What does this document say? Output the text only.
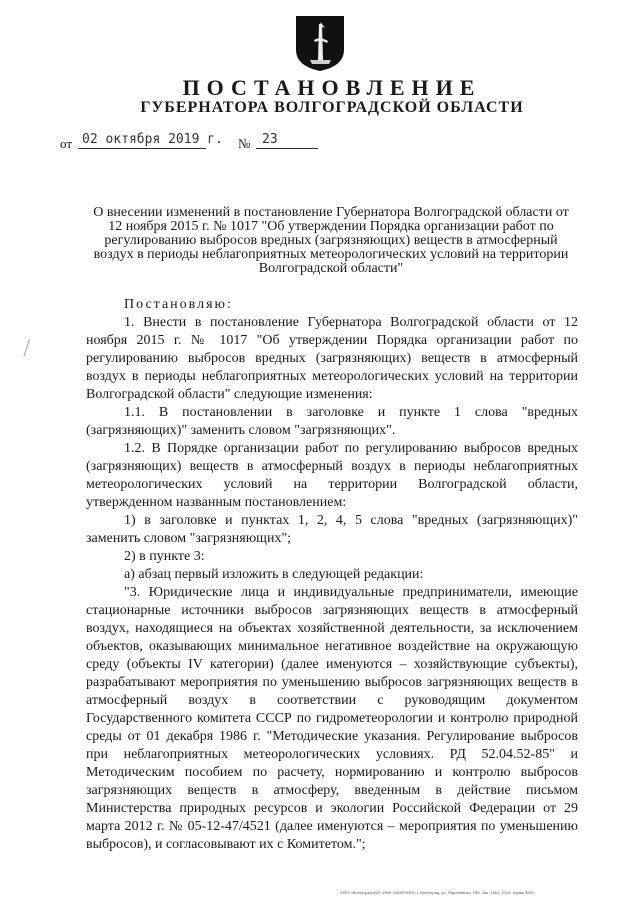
ПОСТАНОВЛЕНИЕ
ГУБЕРНАТОРА ВОЛГОГРАДСКОЙ ОБЛАСТИ
от 02 октября 2019 г. № 23
О внесении изменений в постановление Губернатора Волгоградской области от 12 ноября 2015 г. № 1017 "Об утверждении Порядка организации работ по регулированию выбросов вредных (загрязняющих) веществ в атмосферный воздух в периоды неблагоприятных метеорологических условий на территории Волгоградской области"

Постановляю:

1. Внести в постановление Губернатора Волгоградской области от 12 ноября 2015 г. № 1017 "Об утверждении Порядка организации работ по регулированию выбросов вредных (загрязняющих) веществ в атмосферный воздух в периоды неблагоприятных метеорологических условий на территории Волгоградской области" следующие изменения:

1.1. В постановлении в заголовке и пункте 1 слова "вредных (загрязняющих)" заменить словом "загрязняющих".

1.2. В Порядке организации работ по регулированию выбросов вредных (загрязняющих) веществ в атмосферный воздух в периоды неблагоприятных метеорологических условий на территории Волгоградской области, утвержденном названным постановлением:

1) в заголовке и пунктах 1, 2, 4, 5 слова "вредных (загрязняющих)" заменить словом "загрязняющих";

2) в пункте 3:

а) абзац первый изложить в следующей редакции:

"3. Юридические лица и индивидуальные предприниматели, имеющие стационарные источники выбросов загрязняющих веществ в атмосферный воздух, находящиеся на объектах хозяйственной деятельности, за исключением объектов, оказывающих минимальное негативное воздействие на окружающую среду (объекты IV категории) (далее именуются – хозяйствующие субъекты), разрабатывают мероприятия по уменьшению выбросов загрязняющих веществ в атмосферный воздух в соответствии с руководящим документом Государственного комитета СССР по гидрометеорологии и контролю природной среды от 01 декабря 1986 г. "Методические указания. Регулирование выбросов при неблагоприятных метеорологических условиях. РД 52.04.52-85" и Методическим пособием по расчету, нормированию и контролю выбросов загрязняющих веществ в атмосферу, введенным в действие письмом Министерства природных ресурсов и экологии Российской Федерации от 29 марта 2012 г. № 05-12-47/4521 (далее именуются – мероприятия по уменьшению выбросов), и согласовывают их с Комитетом.";

ООО «Волгограф-ИЛ» ИНН 3445075309, г. Волгоград, ул. Пархоменко, 29б. Зак. 1961, 2019, тираж 3000
